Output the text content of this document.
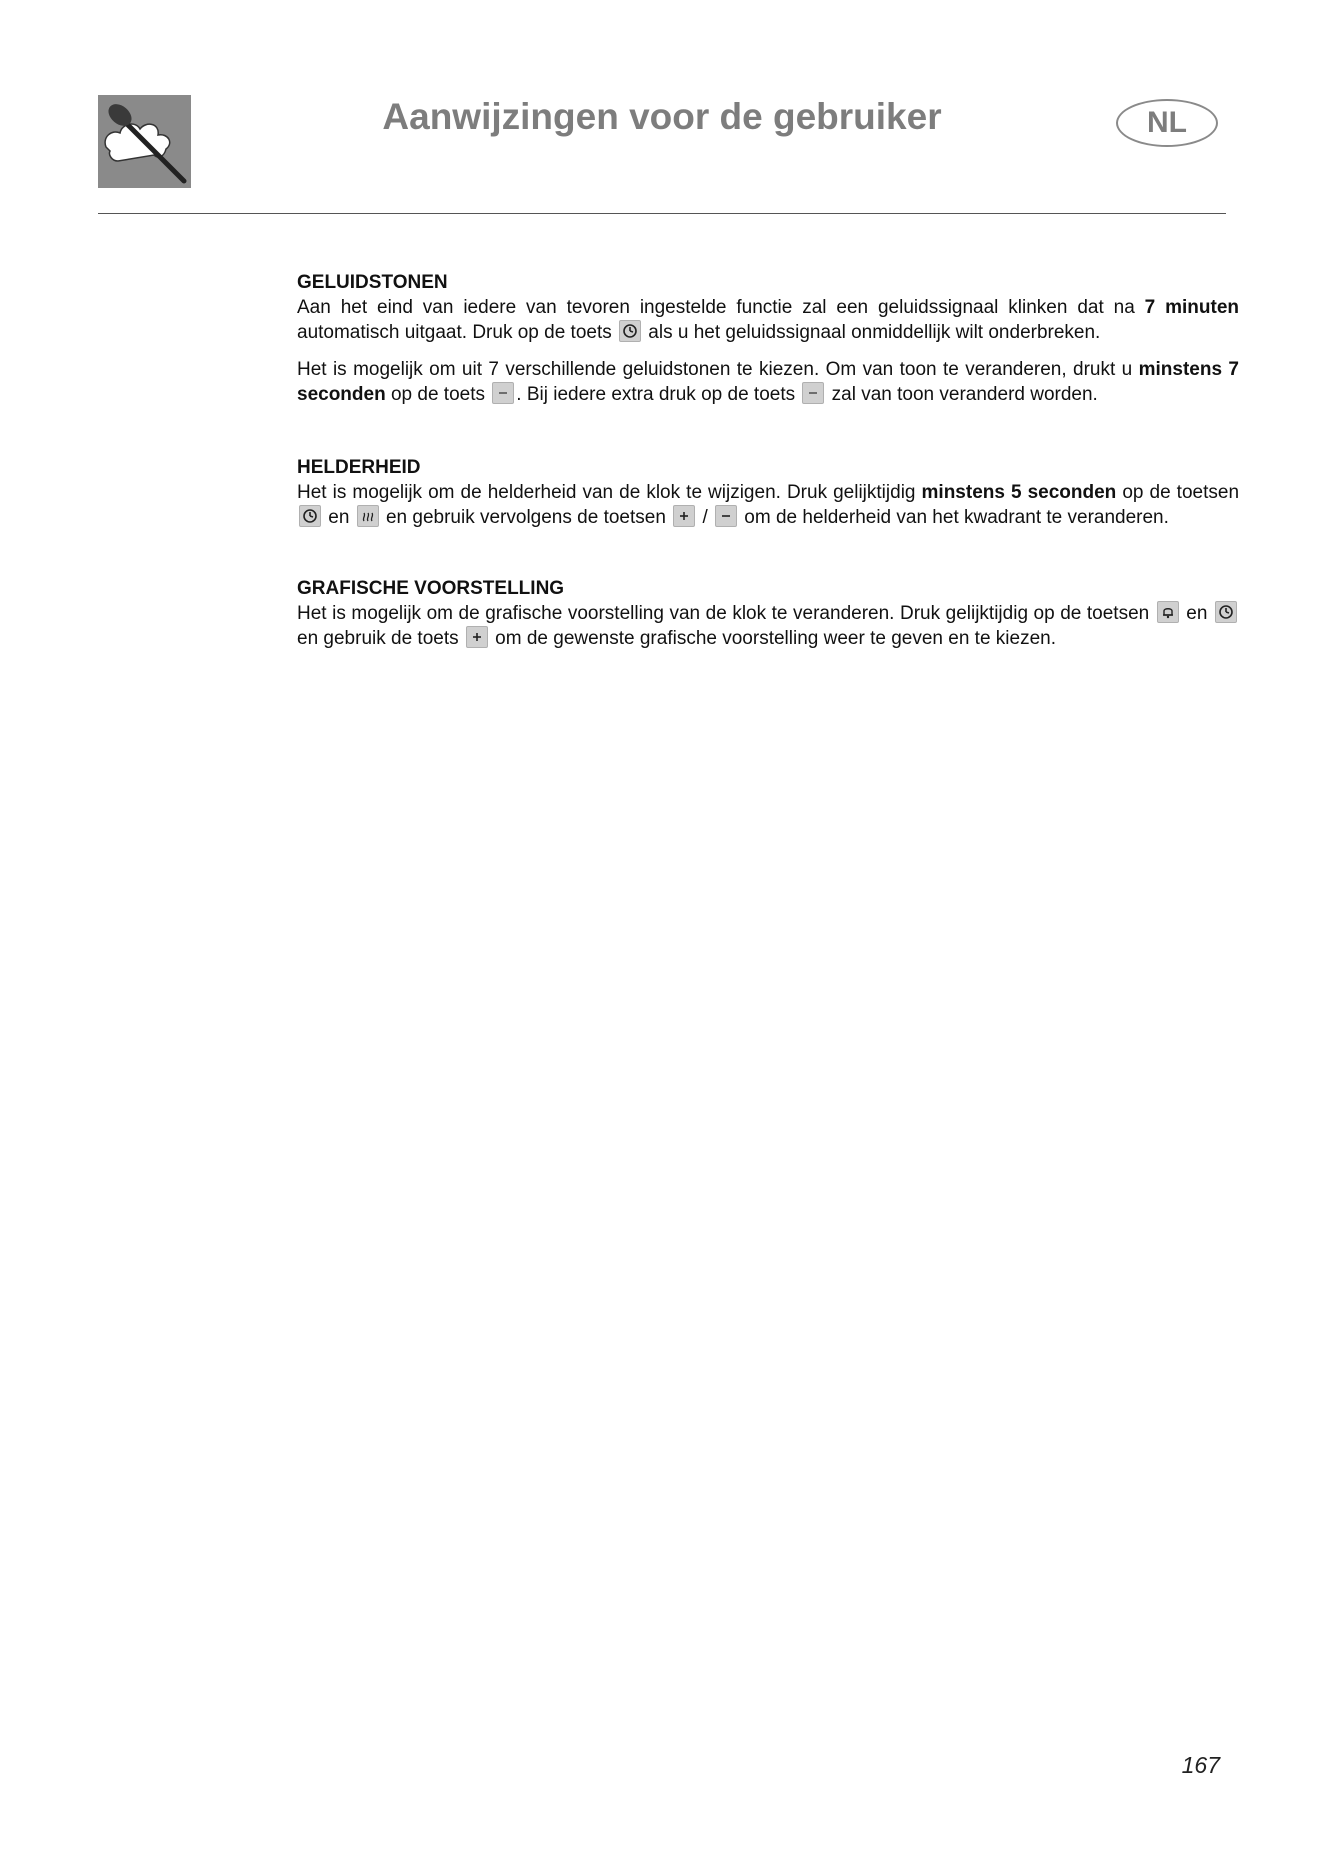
Aanwijzingen voor de gebruiker	NL
GELUIDSTONEN

Aan het eind van iedere van tevoren ingestelde functie zal een geluidssignaal klinken dat na 7 minuten automatisch uitgaat. Druk op de toets
als u het geluidssignaal onmiddellijk wilt onderbreken.

Het is mogelijk om uit 7 verschillende geluidstonen te kiezen. Om van toon te veranderen, drukt u minstens 7 seconden op de toets
. Bij iedere extra druk op de toets
zal van toon veranderd worden.

HELDERHEID

Het is mogelijk om de helderheid van de klok te wijzigen. Druk gelijktijdig minstens 5 seconden op de toetsen
en
en gebruik vervolgens de toetsen
/
om de helderheid van het kwadrant te veranderen.

GRAFISCHE VOORSTELLING

Het is mogelijk om de grafische voorstelling van de klok te veranderen. Druk gelijktijdig op de toetsen
en
en gebruik de toets
om de gewenste grafische voorstelling weer te geven en te kiezen.

167
